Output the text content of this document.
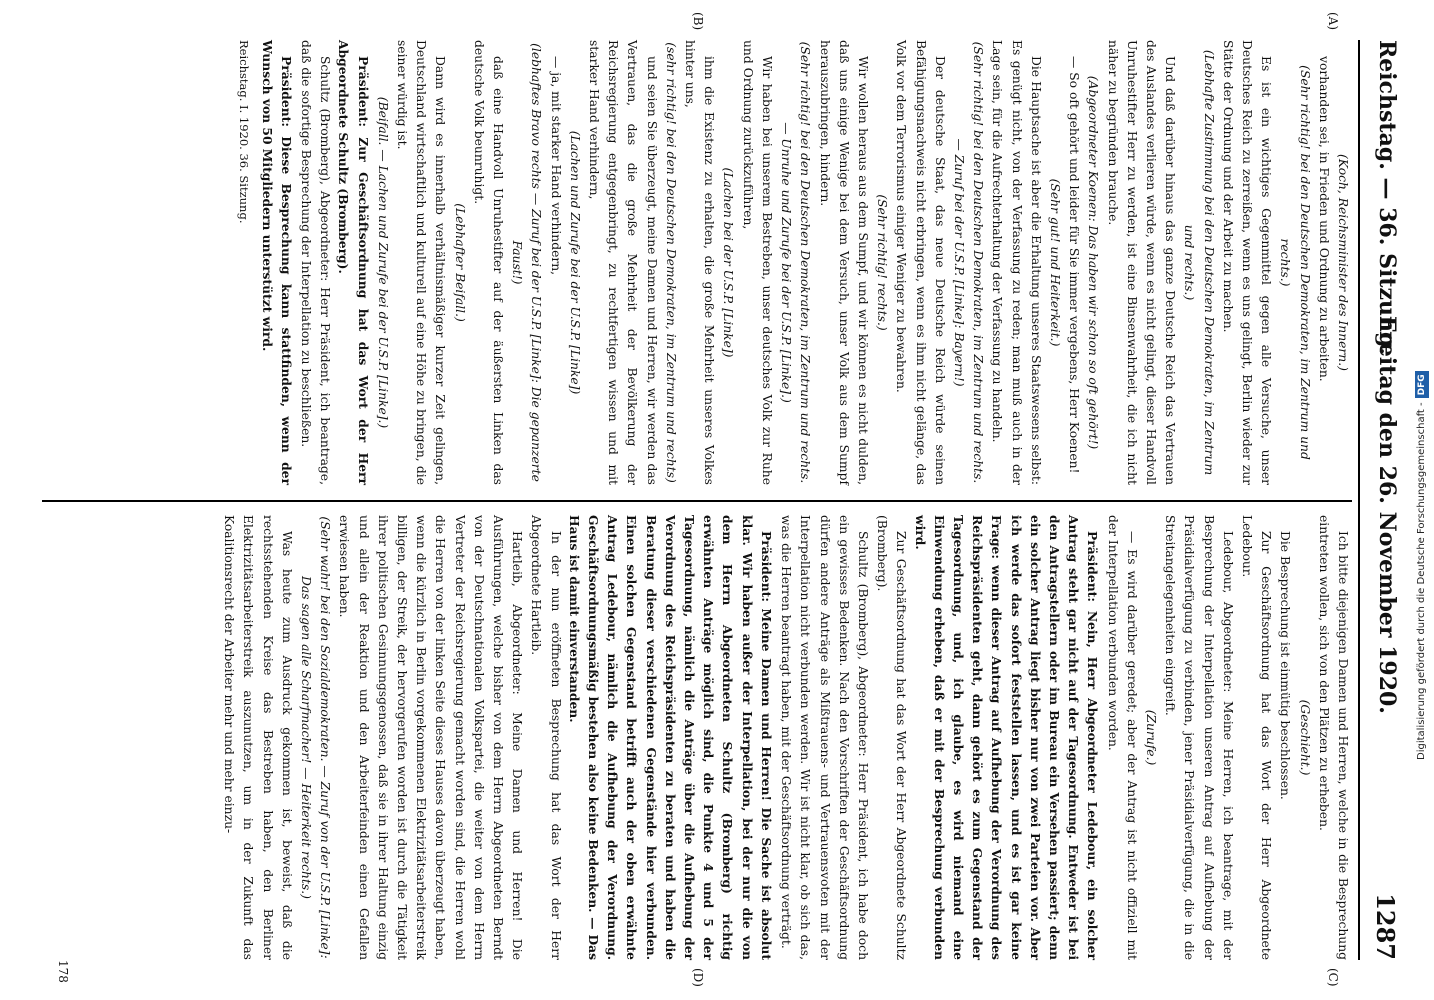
Reichstag. — 36. Sitzung.
Freitag den 26. November 1920.
1287
(A)
(B)
(C)
(D)

(Koch, Reichsminister des Innern.)

vorhanden sei, in Frieden und Ordnung zu arbeiten.

(Sehr richtig! bei den Deutschen Demokraten, im Zentrum und rechts.)

Es ist ein wichtiges Gegenmittel gegen alle Versuche, unser Deutsches Reich zu zerreißen, wenn es uns gelingt, Berlin wieder zur Stätte der Ordnung und der Arbeit zu machen.

(Lebhafte Zustimmung bei den Deutschen Demokraten, im Zentrum und rechts.)

Und daß darüber hinaus das ganze Deutsche Reich das Vertrauen des Auslandes verlieren würde, wenn es nicht gelingt, dieser Handvoll Unruhestifter Herr zu werden, ist eine Binsenwahrheit, die ich nicht näher zu begründen brauche.

(Abgeordneter Koenen: Das haben wir schon so oft gehört!)

— So oft gehört und leider für Sie immer vergebens, Herr Koenen!

(Sehr gut! und Heiterkeit.)

Die Hauptsache ist aber die Erhaltung unseres Staatswesens selbst: Es genügt nicht, von der Verfassung zu reden; man muß auch in der Lage sein, für die Aufrechterhaltung der Verfassung zu handeln.

(Sehr richtig! bei den Deutschen Demokraten, im Zentrum und rechts. — Zuruf bei der U.S.P. [Linke]: Bayern!)

Der deutsche Staat, das neue Deutsche Reich würde seinen Befähigungsnachweis nicht erbringen, wenn es ihm nicht gelänge, das Volk vor dem Terrorismus einiger Weniger zu bewahren.

(Sehr richtig! rechts.)

Wir wollen heraus aus dem Sumpf, und wir können es nicht dulden, daß uns einige Wenige bei dem Versuch, unser Volk aus dem Sumpf herauszubringen, hindern.

(Sehr richtig! bei den Deutschen Demokraten, im Zentrum und rechts. — Unruhe und Zurufe bei der U.S.P. [Linke].)

Wir haben bei unserem Bestreben, unser deutsches Volk zur Ruhe und Ordnung zurückzuführen,

(Lachen bei der U.S.P. [Linke])

ihm die Existenz zu erhalten, die große Mehrheit unseres Volkes hinter uns,

(sehr richtig! bei den Deutschen Demokraten, im Zentrum und rechts)

und seien Sie überzeugt, meine Damen und Herren, wir werden das Vertrauen, das die große Mehrheit der Bevölkerung der Reichsregierung entgegenbringt, zu rechtfertigen wissen und mit starker Hand verhindern,

(Lachen und Zurufe bei der U.S.P. [Linke])

— ja, mit starker Hand verhindern,

(lebhaftes Bravo rechts — Zuruf bei der U.S.P. [Linke]: Die gepanzerte Faust!)

daß eine Handvoll Unruhestifter auf der äußersten Linken das deutsche Volk beunruhigt.

(Lebhafter Beifall.)

Dann wird es innerhalb verhältnismäßiger kurzer Zeit gelingen, Deutschland wirtschaftlich und kulturell auf eine Höhe zu bringen, die seiner würdig ist.

(Beifall. — Lachen und Zurufe bei der U.S.P. [Linke].)

Präsident: Zur Geschäftsordnung hat das Wort der Herr Abgeordnete Schultz (Bromberg).

Schultz (Bromberg), Abgeordneter: Herr Präsident, ich beantrage, daß die sofortige Besprechung der Interpellation zu beschließen.

Präsident: Diese Besprechung kann stattfinden, wenn der Wunsch von 50 Mitgliedern unterstützt wird.

Reichstag. I. 1920. 36. Sitzung.

Ich bitte diejenigen Damen und Herren, welche in die Besprechung eintreten wollen, sich von den Plätzen zu erheben.

(Geschieht.)

Die Besprechung ist einmütig beschlossen.

Zur Geschäftsordnung hat das Wort der Herr Abgeordnete Ledebour.

Ledebour, Abgeordneter: Meine Herren, ich beantrage, mit der Besprechung der Interpellation unseren Antrag auf Aufhebung der Präsidialverfügung zu verbinden, jener Präsidialverfügung, die in die Streitangelegenheiten eingreift.

(Zurufe.)

— Es wird darüber geredet; aber der Antrag ist nicht offiziell mit der Interpellation verbunden worden.

Präsident: Nein, Herr Abgeordneter Ledebour, ein solcher Antrag steht gar nicht auf der Tagesordnung. Entweder ist bei den Antragstellern oder im Bureau ein Versehen passiert; denn ein solcher Antrag liegt bisher nur von zwei Parteien vor. Aber ich werde das sofort feststellen lassen, und es ist gar keine Frage: wenn dieser Antrag auf Aufhebung der Verordnung des Reichspräsidenten geht, dann gehört es zum Gegenstand der Tagesordnung, und, ich glaube, es wird niemand eine Einwendung erheben, daß er mit der Besprechung verbunden wird.

Zur Geschäftsordnung hat das Wort der Herr Abgeordnete Schultz (Bromberg).

Schultz (Bromberg), Abgeordneter: Herr Präsident, ich habe doch ein gewisses Bedenken. Nach den Vorschriften der Geschäftsordnung dürfen andere Anträge als Mißtrauens- und Vertrauensvoten mit der Interpellation nicht verbunden werden. Wir ist nicht klar, ob sich das, was die Herren beantragt haben, mit der Geschäftsordnung verträgt.

Präsident: Meine Damen und Herren! Die Sache ist absolut klar. Wir haben außer der Interpellation, bei der nur die von dem Herrn Abgeordneten Schultz (Bromberg) richtig erwähnten Anträge möglich sind, die Punkte 4 und 5 der Tagesordnung, nämlich die Anträge über die Aufhebung der Verordnung des Reichspräsidenten zu beraten und haben die Beratung dieser verschiedenen Gegenstände hier verbunden. Einen solchen Gegenstand betrifft auch der oben erwähnte Antrag Ledebour, nämlich die Aufhebung der Verordnung. Geschäftsordnungsmäßig bestehen also keine Bedenken. — Das Haus ist damit einverstanden.

In der nun eröffneten Besprechung hat das Wort der Herr Abgeordnete Hartleib.

Hartleib, Abgeordneter: Meine Damen und Herren! Die Ausführungen, welche bisher von dem Herrn Abgeordneten Berndt von der Deutschnationalen Volkspartei, die weiter von dem Herrn Vertreter der Reichsregierung gemacht worden sind, die Herren wohl die Herren von der linken Seite dieses Hauses davon überzeugt haben, wenn die kürzlich in Berlin vorgekommenen Elektrizitätsarbeiterstreik billigen, der Streik, der hervorgerufen worden ist durch die Tätigkeit ihrer politischen Gesinnungsgenossen, daß sie in ihrer Haltung einzig und allein der Reaktion und den Arbeiterfeinden einen Gefallen erwiesen haben.

(Sehr wahr! bei den Sozialdemokraten. — Zuruf von der U.S.P. [Linke]: Das sagen alle Scharfmacher! — Heiterkeit rechts.)

Was heute zum Ausdruck gekommen ist, beweist, daß die rechtsstehenden Kreise das Bestreben haben, den Berliner Elektrizitätsarbeiterstreik auszunutzen, um in der Zukunft das Koalitionsrecht der Arbeiter mehr und mehr einzu-

178
Digitalisierung gefördert durch die Deutsche Forschungsgemeinschaft -DFG
